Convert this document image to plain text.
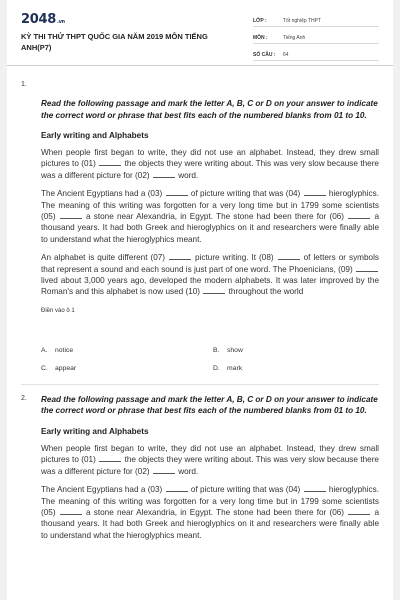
2048.vn
KỲ THI THỬ THPT QUỐC GIA NĂM 2019 MÔN TIẾNG ANH(P7)
LỚP :	Tốt nghiệp THPT
MÔN :	Tiếng Anh
SỐ CÂU :	64
1.
Read the following passage and mark the letter A, B, C or D on your answer to indicate the correct word or phrase that best fits each of the numbered blanks from 01 to 10.
Early writing and Alphabets
When people first began to write, they did not use an alphabet. Instead, they drew small pictures to (01)	the objects they were writing about. This was very slow because there was a different picture for (02)	word.
The Ancient Egyptians had a (03)	of picture writing that was (04)	hieroglyphics. The meaning of this writing was forgotten for a very long time but in 1799 some scientists (05)	a stone near Alexandria, in Egypt. The stone had been there for (06)	a thousand years. It had both Greek and hieroglyphics on it and researchers were finally able to understand what the hieroglyphics meant.
An alphabet is quite different (07)	picture writing. It (08)	of letters or symbols that represent a sound and each sound is just part of one word. The Phoenicians, (09)  lived about 3,000 years ago, developed the modern alphabets. It was later improved by the Roman's and this alphabet is now used (10)	throughout the world
Điền vào ô 1
A. notice	B. show
C. appear	D. mark
2. Read the following passage and mark the letter A, B, C or D on your answer to indicate the correct word or phrase that best fits each of the numbered blanks from 01 to 10.
Early writing and Alphabets
When people first began to write, they did not use an alphabet. Instead, they drew small pictures to (01)	the objects they were writing about. This was very slow because there was a different picture for (02)	word.
The Ancient Egyptians had a (03)	of picture writing that was (04)	hieroglyphics. The meaning of this writing was forgotten for a very long time but in 1799 some scientists (05)	a stone near Alexandria, in Egypt. The stone had been there for (06)	a thousand years. It had both Greek and hieroglyphics on it and researchers were finally able to understand what the hieroglyphics meant.
